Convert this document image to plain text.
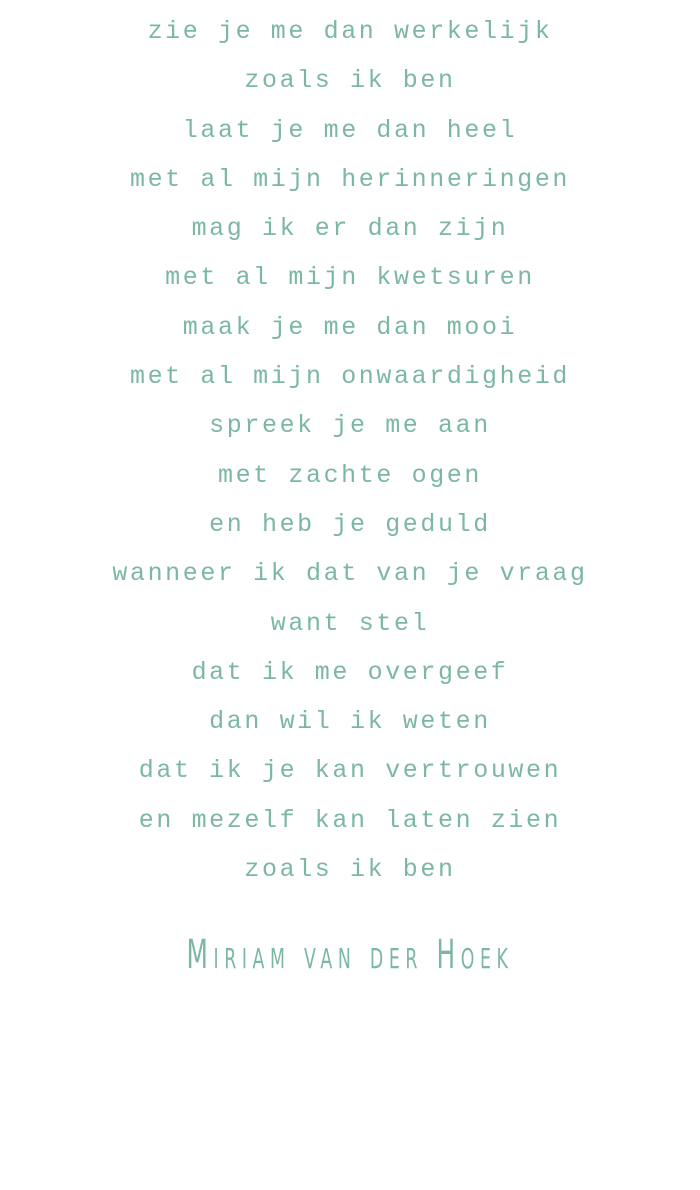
zie je me dan werkelijk
zoals ik ben
laat je me dan heel
met al mijn herinneringen
mag ik er dan zijn
met al mijn kwetsuren
maak je me dan mooi
met al mijn onwaardigheid
spreek je me aan
met zachte ogen
en heb je geduld
wanneer ik dat van je vraag
want stel
dat ik me overgeef
dan wil ik weten
dat ik je kan vertrouwen
en mezelf kan laten zien
zoals ik ben
Miriam van der Hoek
